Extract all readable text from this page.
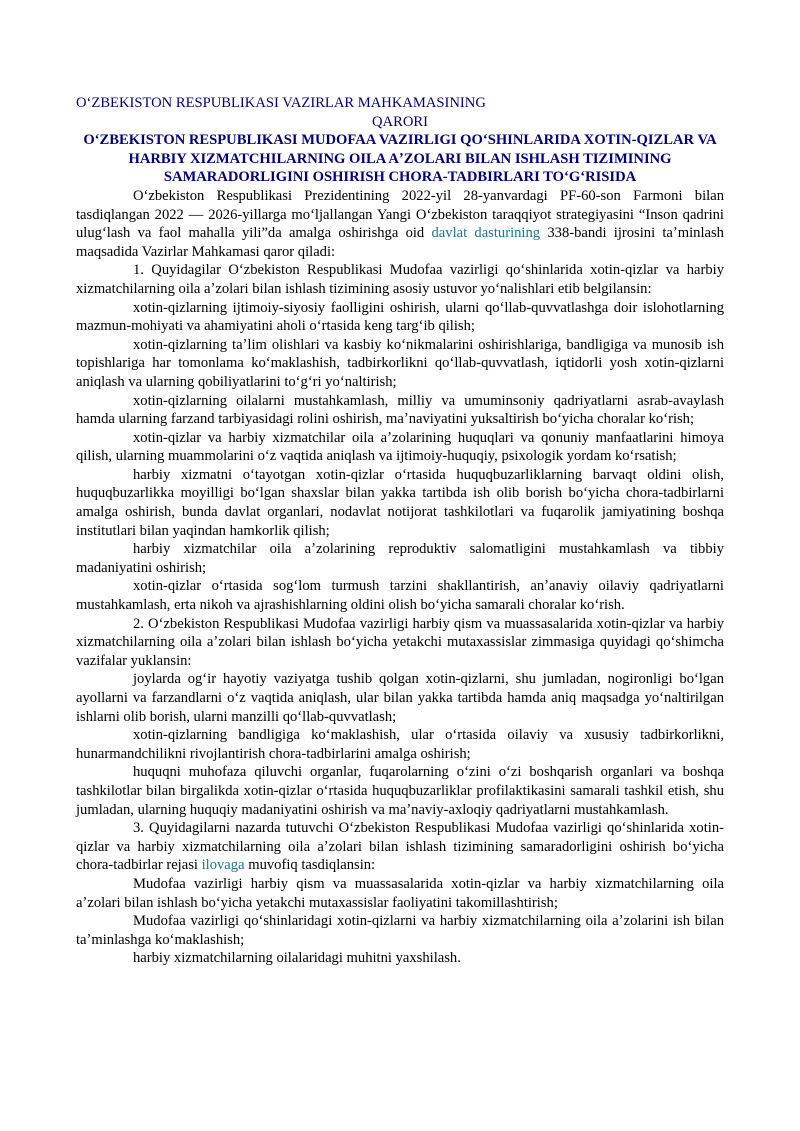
OʻZBEKISTON RESPUBLIKASI VAZIRLAR MAHKAMASINING
QARORI

OʻZBEKISTON RESPUBLIKASI MUDOFAA VAZIRLIGI QOʻSHINLARIDA XOTIN-QIZLAR VA HARBIY XIZMATCHILARNING OILA AʼZOLARI BILAN ISHLASH TIZIMINING SAMARADORLIGINI OSHIRISH CHORA-TADBIRLARI TOʻGʻRISIDA

Oʻzbekiston Respublikasi Prezidentining 2022-yil 28-yanvardagi PF-60-son Farmoni bilan tasdiqlangan 2022 — 2026-yillarga moʻljallangan Yangi Oʻzbekiston taraqqiyot strategiyasini “Inson qadrini ulugʻlash va faol mahalla yili”da amalga oshirishga oid davlat dasturining 338-bandi ijrosini taʼminlash maqsadida Vazirlar Mahkamasi qaror qiladi:

1. Quyidagilar Oʻzbekiston Respublikasi Mudofaa vazirligi qoʻshinlarida xotin-qizlar va harbiy xizmatchilarning oila aʼzolari bilan ishlash tizimining asosiy ustuvor yoʻnalishlari etib belgilansin:

xotin-qizlarning ijtimoiy-siyosiy faolligini oshirish, ularni qoʻllab-quvvatlashga doir islohotlarning mazmun-mohiyati va ahamiyatini aholi oʻrtasida keng targʻib qilish;

xotin-qizlarning taʼlim olishlari va kasbiy koʻnikmalarini oshirishlariga, bandligiga va munosib ish topishlariga har tomonlama koʻmaklashish, tadbirkorlikni qoʻllab-quvvatlash, iqtidorli yosh xotin-qizlarni aniqlash va ularning qobiliyatlarini toʻgʻri yoʻnaltirish;

xotin-qizlarning oilalarni mustahkamlash, milliy va umuminsoniy qadriyatlarni asrab-avaylash hamda ularning farzand tarbiyasidagi rolini oshirish, maʼnaviyatini yuksaltirish boʻyicha choralar koʻrish;

xotin-qizlar va harbiy xizmatchilar oila aʼzolarining huquqlari va qonuniy manfaatlarini himoya qilish, ularning muammolarini oʻz vaqtida aniqlash va ijtimoiy-huquqiy, psixologik yordam koʻrsatish;

harbiy xizmatni oʻtayotgan xotin-qizlar oʻrtasida huquqbuzarliklarning barvaqt oldini olish, huquqbuzarlikka moyilligi boʻlgan shaxslar bilan yakka tartibda ish olib borish boʻyicha chora-tadbirlarni amalga oshirish, bunda davlat organlari, nodavlat notijorat tashkilotlari va fuqarolik jamiyatining boshqa institutlari bilan yaqindan hamkorlik qilish;

harbiy xizmatchilar oila aʼzolarining reproduktiv salomatligini mustahkamlash va tibbiy madaniyatini oshirish;

xotin-qizlar oʻrtasida sogʻlom turmush tarzini shakllantirish, anʼanaviy oilaviy qadriyatlarni mustahkamlash, erta nikoh va ajrashishlarning oldini olish boʻyicha samarali choralar koʻrish.

2. Oʻzbekiston Respublikasi Mudofaa vazirligi harbiy qism va muassasalarida xotin-qizlar va harbiy xizmatchilarning oila aʼzolari bilan ishlash boʻyicha yetakchi mutaxassislar zimmasiga quyidagi qoʻshimcha vazifalar yuklansin:

joylarda ogʻir hayotiy vaziyatga tushib qolgan xotin-qizlarni, shu jumladan, nogironligi boʻlgan ayollarni va farzandlarni oʻz vaqtida aniqlash, ular bilan yakka tartibda hamda aniq maqsadga yoʻnaltirilgan ishlarni olib borish, ularni manzilli qoʻllab-quvvatlash;

xotin-qizlarning bandligiga koʻmaklashish, ular oʻrtasida oilaviy va xususiy tadbirkorlikni, hunarmandchilikni rivojlantirish chora-tadbirlarini amalga oshirish;

huquqni muhofaza qiluvchi organlar, fuqarolarning oʻzini oʻzi boshqarish organlari va boshqa tashkilotlar bilan birgalikda xotin-qizlar oʻrtasida huquqbuzarliklar profilaktikasini samarali tashkil etish, shu jumladan, ularning huquqiy madaniyatini oshirish va maʼnaviy-axloqiy qadriyatlarni mustahkamlash.

3. Quyidagilarni nazarda tutuvchi Oʻzbekiston Respublikasi Mudofaa vazirligi qoʻshinlarida xotin-qizlar va harbiy xizmatchilarning oila aʼzolari bilan ishlash tizimining samaradorligini oshirish boʻyicha chora-tadbirlar rejasi ilovaga muvofiq tasdiqlansin:

Mudofaa vazirligi harbiy qism va muassasalarida xotin-qizlar va harbiy xizmatchilarning oila aʼzolari bilan ishlash boʻyicha yetakchi mutaxassislar faoliyatini takomillashtirish;

Mudofaa vazirligi qoʻshinlaridagi xotin-qizlarni va harbiy xizmatchilarning oila aʼzolarini ish bilan taʼminlashga koʻmaklashish;

harbiy xizmatchilarning oilalaridagi muhitni yaxshilash.
